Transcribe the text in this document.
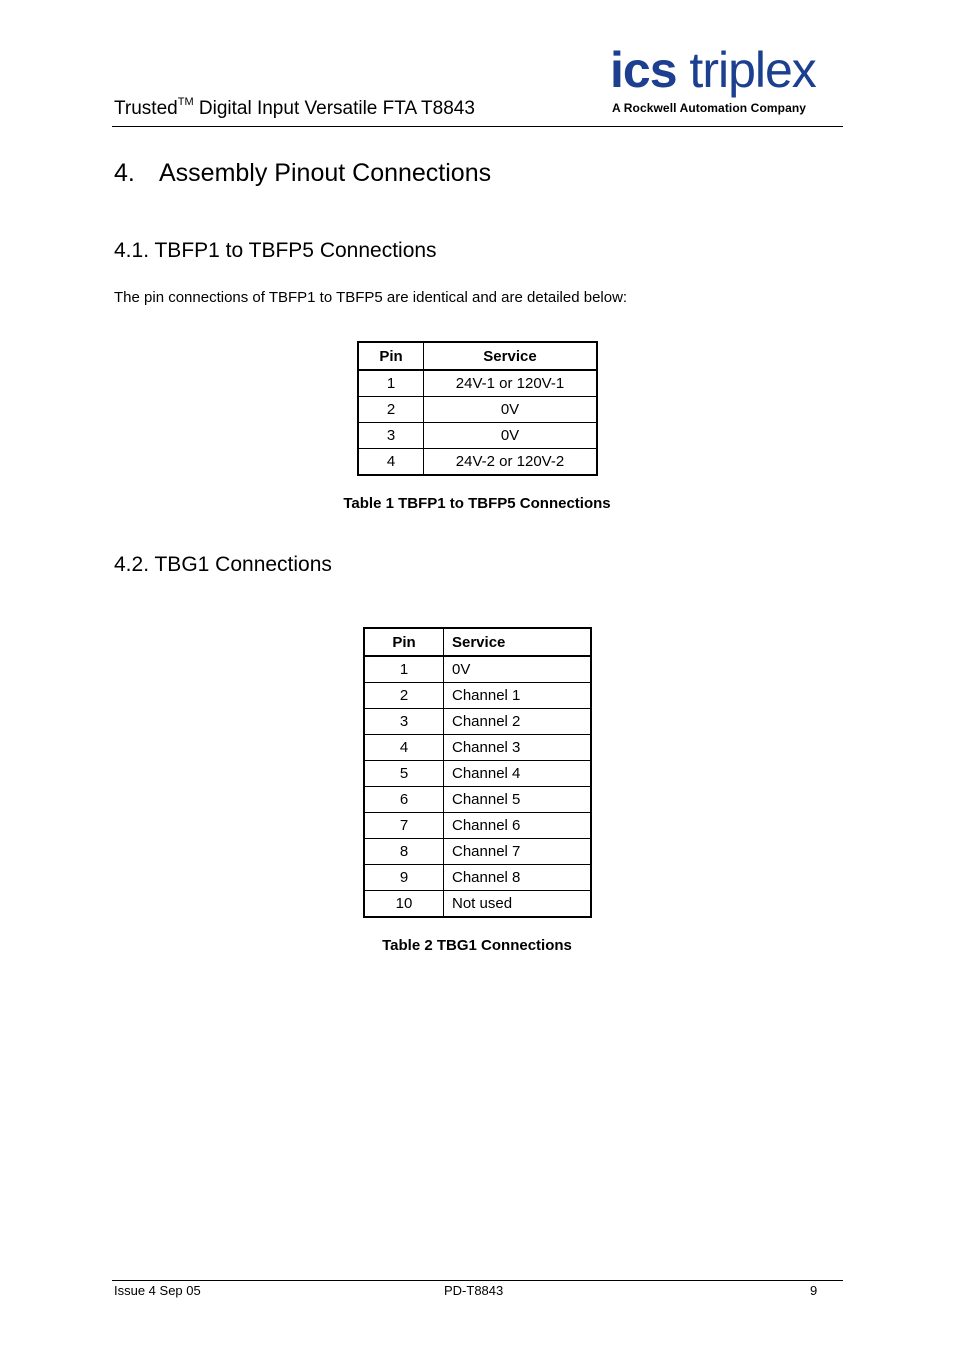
Trusted™ Digital Input Versatile FTA T8843
ics triplex
A Rockwell Automation Company
4. Assembly Pinout Connections
4.1. TBFP1 to TBFP5 Connections
The pin connections of TBFP1 to TBFP5 are identical and are detailed below:
Pin	Service
1	24V-1 or 120V-1
2	0V
3	0V
4	24V-2 or 120V-2
Table 1 TBFP1 to TBFP5 Connections
4.2. TBG1 Connections
Pin	Service
1	0V
2	Channel 1
3	Channel 2
4	Channel 3
5	Channel 4
6	Channel 5
7	Channel 6
8	Channel 7
9	Channel 8
10	Not used
Table 2 TBG1 Connections
Issue 4 Sep 05	PD-T8843	9
